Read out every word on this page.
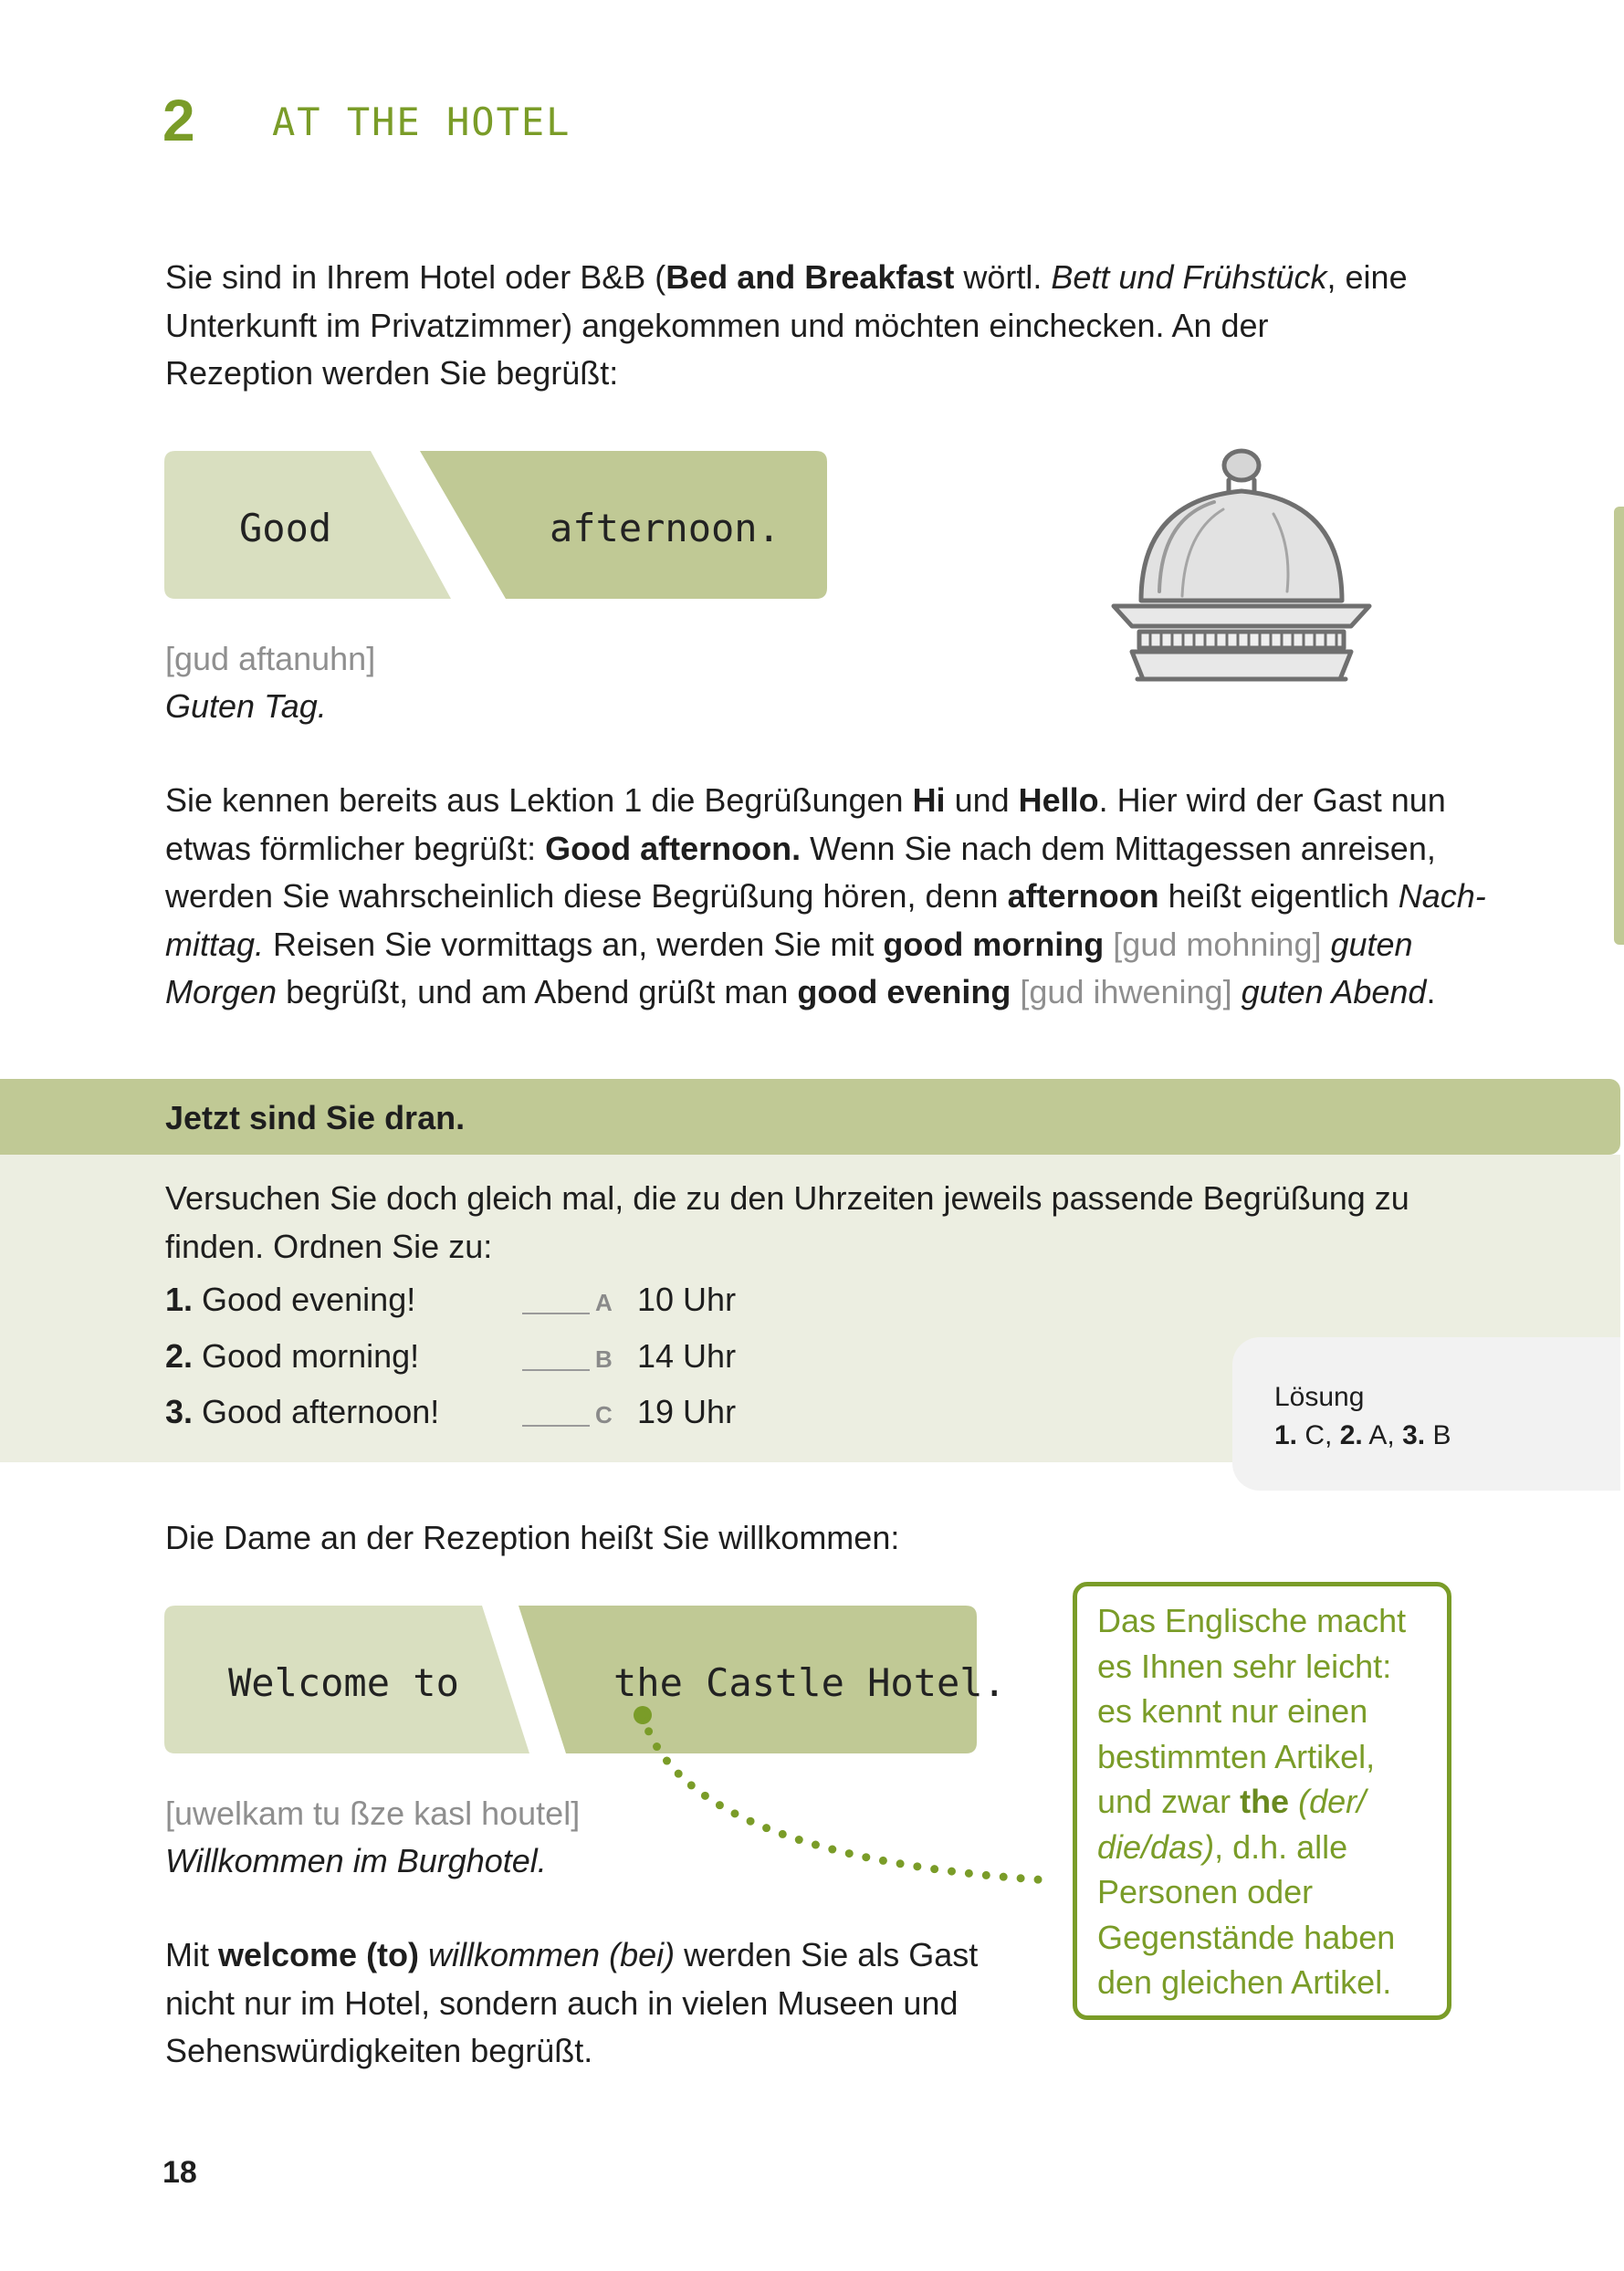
2 AT THE HOTEL
Sie sind in Ihrem Hotel oder B&B (Bed and Breakfast wörtl. Bett und Frühstück, eine
Unterkunft im Privatzimmer) angekommen und möchten einchecken. An der
Rezeption werden Sie begrüßt:
Good	afternoon.
[gud aftanuhn]
Guten Tag.
Sie kennen bereits aus Lektion 1 die Begrüßungen Hi und Hello. Hier wird der Gast nun
etwas förmlicher begrüßt: Good afternoon. Wenn Sie nach dem Mittagessen anreisen,
werden Sie wahrscheinlich diese Begrüßung hören, denn afternoon heißt eigentlich Nach-
mittag. Reisen Sie vormittags an, werden Sie mit good morning [gud mohning] guten
Morgen begrüßt, und am Abend grüßt man good evening [gud ihwening] guten Abend.
Jetzt sind Sie dran.
Versuchen Sie doch gleich mal, die zu den Uhrzeiten jeweils passende Begrüßung zu
finden. Ordnen Sie zu:
1. Good evening!	A 10 Uhr
2. Good morning!	B 14 Uhr
3. Good afternoon!	C 19 Uhr	Lösung
1. C, 2. A, 3. B
Die Dame an der Rezeption heißt Sie willkommen:
Welcome to	the Castle Hotel.
[uwelkam tu ßze kasl houtel]
Willkommen im Burghotel.
Mit welcome (to) willkommen (bei) werden Sie als Gast
nicht nur im Hotel, sondern auch in vielen Museen und
Sehenswürdigkeiten begrüßt.
Das Englische macht
es Ihnen sehr leicht:
es kennt nur einen
bestimmten Artikel,
und zwar the (der/
die/das), d.h. alle
Personen oder
Gegenstände haben
den gleichen Artikel.
18
